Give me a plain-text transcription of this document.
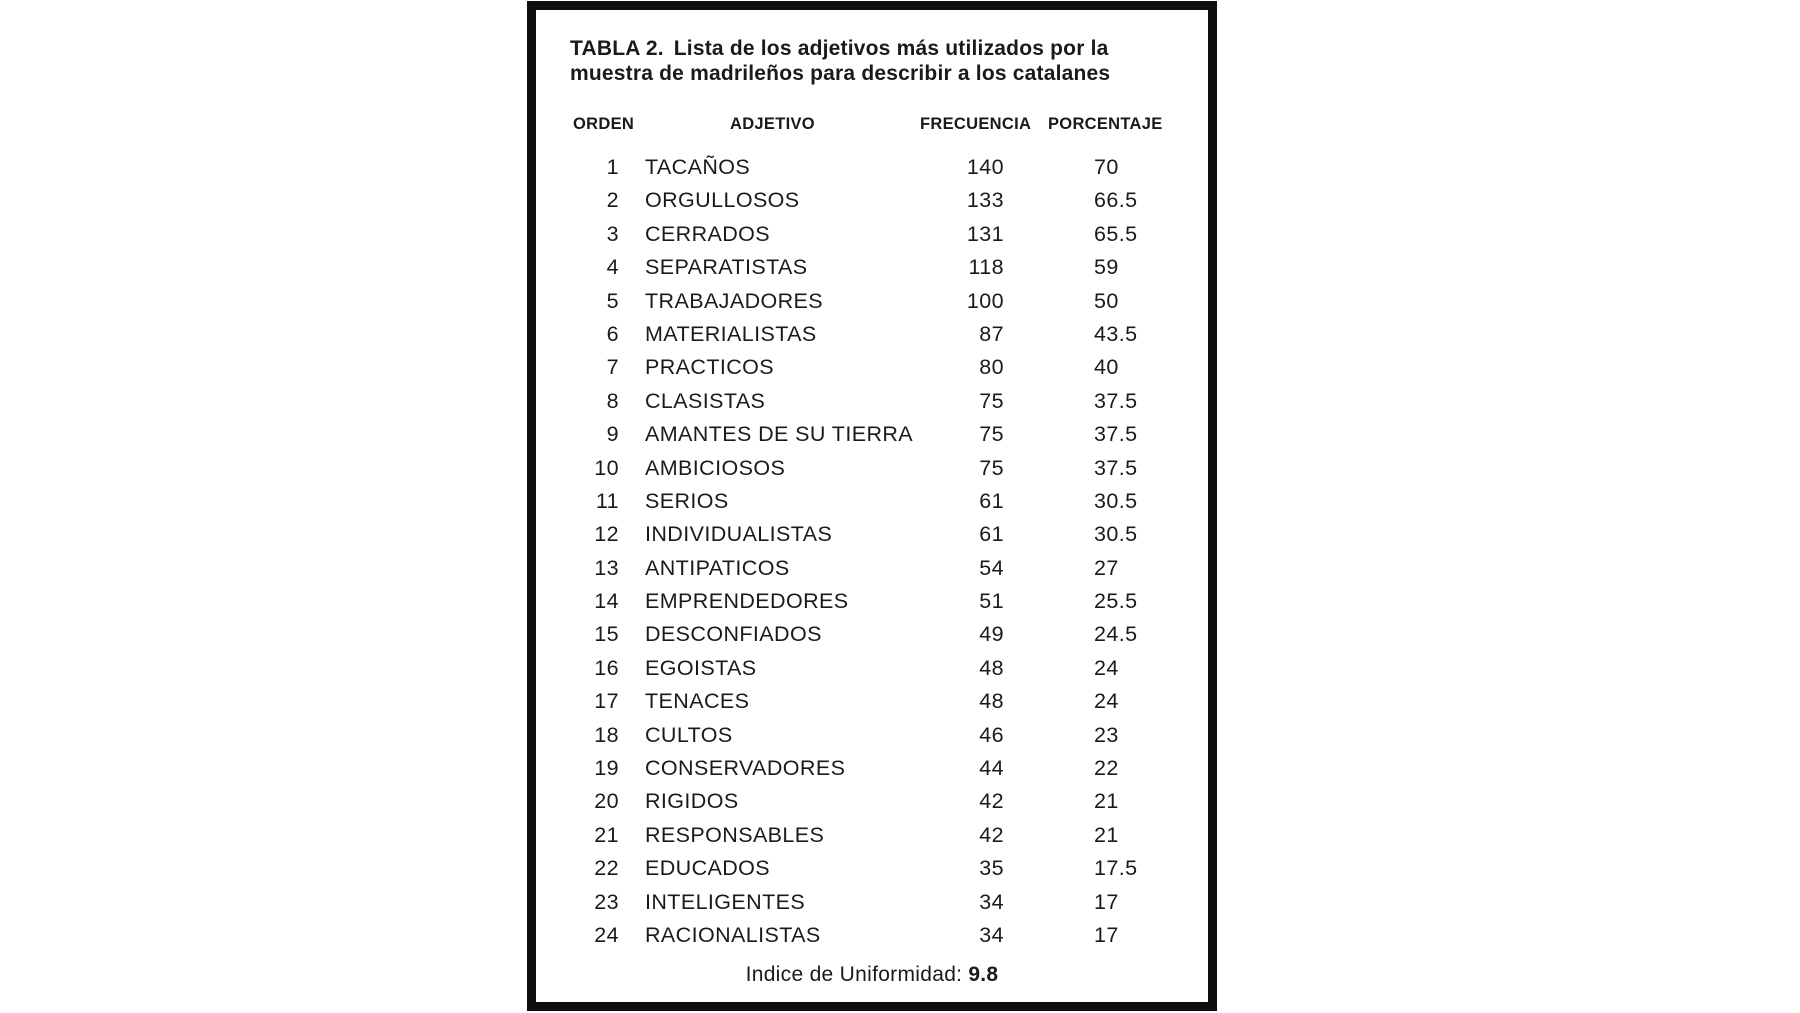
TABLA 2. Lista de los adjetivos más utilizados por la muestra de madrileños para describir a los catalanes
ORDEN	ADJETIVO	FRECUENCIA PORCENTAJE
1 TACAÑOS	140	70
2 ORGULLOSOS	133	66.5
3 CERRADOS	131	65.5
4 SEPARATISTAS	118	59
5 TRABAJADORES	100	50
6 MATERIALISTAS	87	43.5
7 PRACTICOS	80	40
8 CLASISTAS	75	37.5
9 AMANTES DE SU TIERRA	75	37.5
10 AMBICIOSOS	75	37.5
11 SERIOS	61	30.5
12 INDIVIDUALISTAS	61	30.5
13 ANTIPATICOS	54	27
14 EMPRENDEDORES	51	25.5
15 DESCONFIADOS	49	24.5
16 EGOISTAS	48	24
17 TENACES	48	24
18 CULTOS	46	23
19 CONSERVADORES	44	22
20 RIGIDOS	42	21
21 RESPONSABLES	42	21
22 EDUCADOS	35	17.5
23 INTELIGENTES	34	17
24 RACIONALISTAS	34	17
Indice de Uniformidad: 9.8
